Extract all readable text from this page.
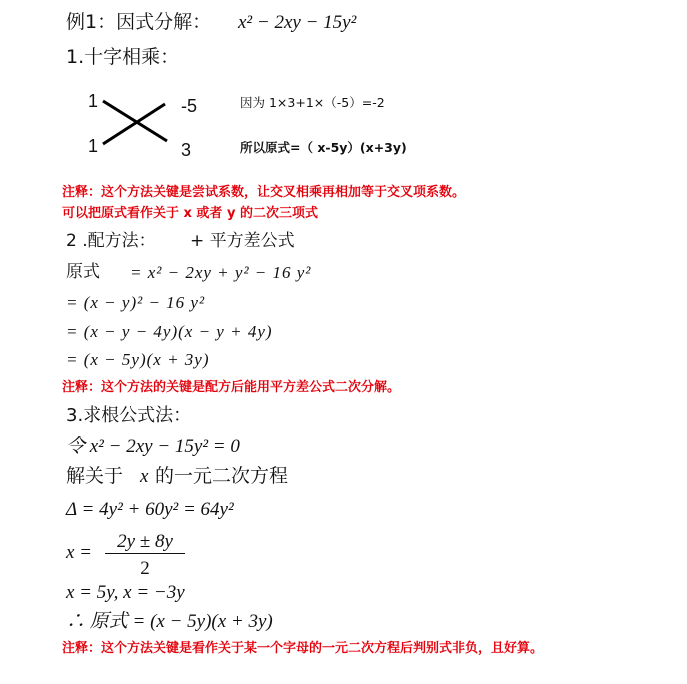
例1：因式分解： x² − 2xy − 15y²
1.十字相乘：
1	-5
1	3
因为 1×3+1×（-5）=-2
所以原式=（ x-5y）(x+3y)
注释：这个方法关键是尝试系数，让交叉相乘再相加等于交叉项系数。
可以把原式看作关于 x 或者 y 的二次三项式
2 .配方法： + 平方差公式
原式 = x² − 2xy + y² − 16 y²
= (x − y)² − 16 y²
= (x − y − 4y)(x − y + 4y)
= (x − 5y)(x + 3y)
注释：这个方法的关键是配方后能用平方差公式二次分解。
3.求根公式法：
令 x² − 2xy − 15y² = 0
解关于 x 的一元二次方程
Δ = 4y² + 60y² = 64y²
x =
2y ± 8y
2
x = 5y, x = −3y
∴ 原式 = (x − 5y)(x + 3y)
注释：这个方法关键是看作关于某一个字母的一元二次方程后判别式非负，且好算。
